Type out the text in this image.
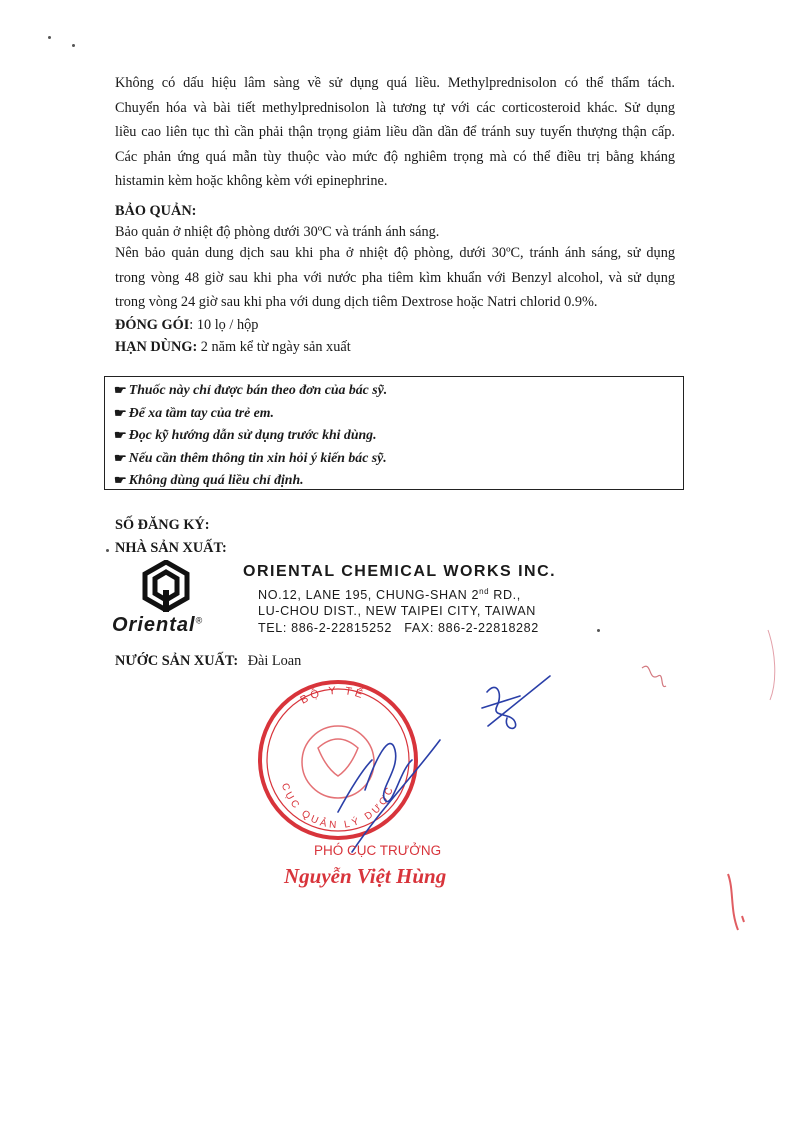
Không có dấu hiệu lâm sàng về sử dụng quá liều. Methylprednisolon có thể thẩm tách.
Chuyển hóa và bài tiết methylprednisolon là tương tự với các corticosteroid khác. Sử dụng
liều cao liên tục thì cần phải thận trọng giảm liều dần dần để tránh suy tuyến thượng thận cấp.
Các phản ứng quá mẫn tùy thuộc vào mức độ nghiêm trọng mà có thể điều trị bằng kháng
histamin kèm hoặc không kèm với epinephrine.
BẢO QUẢN:
Bảo quản ở nhiệt độ phòng dưới 30ºC và tránh ánh sáng.
Nên bảo quản dung dịch sau khi pha ở nhiệt độ phòng, dưới 30ºC, tránh ánh sáng, sử dụng
trong vòng 48 giờ sau khi pha với nước pha tiêm kìm khuẩn với Benzyl alcohol, và sử dụng
trong vòng 24 giờ sau khi pha với dung dịch tiêm Dextrose hoặc Natri chlorid 0.9%.
ĐÓNG GÓI: 10 lọ / hộp
HẠN DÙNG: 2 năm kể từ ngày sản xuất
☛ Thuốc này chỉ được bán theo đơn của bác sỹ.
☛ Để xa tầm tay của trẻ em.
☛ Đọc kỹ hướng dẫn sử dụng trước khi dùng.
☛ Nếu cần thêm thông tin xin hỏi ý kiến bác sỹ.
☛ Không dùng quá liều chỉ định.
SỐ ĐĂNG KÝ:
NHÀ SẢN XUẤT:
Oriental®
ORIENTAL CHEMICAL WORKS INC.
NO.12, LANE 195, CHUNG-SHAN 2nd RD.,
LU-CHOU DIST., NEW TAIPEI CITY, TAIWAN
TEL: 886-2-22815252   FAX: 886-2-22818282
NƯỚC SẢN XUẤT: Đài Loan
BỘ Y TẾ
CỤC QUẢN LÝ DƯỢC
PHÓ CỤC TRƯỞNG
Nguyễn Việt Hùng
